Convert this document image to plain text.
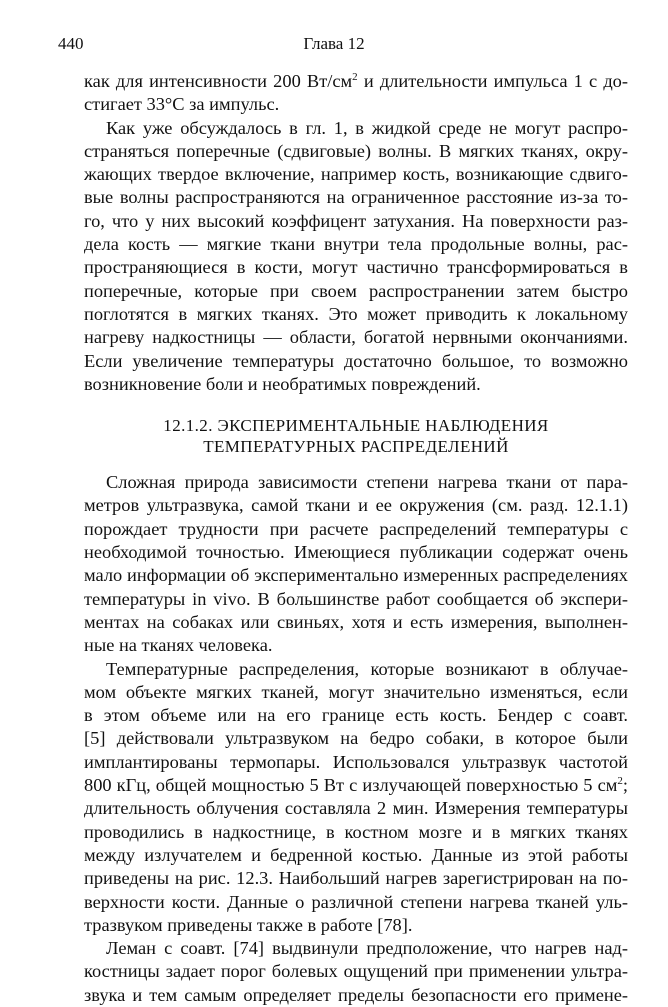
440	Глава 12
как для интенсивности 200 $Вт/см^2$ и длительности импульса 1 с до-
стигает 33°С за импульс.
Как уже обсуждалось в гл. 1, в жидкой среде не могут распро-
страняться поперечные (сдвиговые) волны. В мягких тканях, окру-
жающих твердое включение, например кость, возникающие сдвиго-
вые волны распространяются на ограниченное расстояние из-за то-
го, что у них высокий коэффицент затухания. На поверхности раз-
дела кость — мягкие ткани внутри тела продольные волны, рас-
пространяющиеся в кости, могут частично трансформироваться в
поперечные, которые при своем распространении затем быстро
поглотятся в мягких тканях. Это может приводить к локальному
нагреву надкостницы — области, богатой нервными окончаниями.
Если увеличение температуры достаточно большое, то возможно
возникновение боли и необратимых повреждений.
12.1.2. ЭКСПЕРИМЕНТАЛЬНЫЕ НАБЛЮДЕНИЯ
ТЕМПЕРАТУРНЫХ РАСПРЕДЕЛЕНИЙ
Сложная природа зависимости степени нагрева ткани от пара-
метров ультразвука, самой ткани и ее окружения (см. разд. 12.1.1)
порождает трудности при расчете распределений температуры с
необходимой точностью. Имеющиеся публикации содержат очень
мало информации об экспериментально измеренных распределениях
температуры in vivo. В большинстве работ сообщается об экспери-
ментах на собаках или свиньях, хотя и есть измерения, выполнен-
ные на тканях человека.
Температурные распределения, которые возникают в облучае-
мом объекте мягких тканей, могут значительно изменяться, если
в этом объеме или на его границе есть кость. Бендер с соавт.
[5] действовали ультразвуком на бедро собаки, в которое были
имплантированы термопары. Использовался ультразвук частотой
800 кГц, общей мощностью 5 Вт с излучающей поверхностью 5 $см^2$;
длительность облучения составляла 2 мин. Измерения температуры
проводились в надкостнице, в костном мозге и в мягких тканях
между излучателем и бедренной костью. Данные из этой работы
приведены на рис. 12.3. Наибольший нагрев зарегистрирован на по-
верхности кости. Данные о различной степени нагрева тканей уль-
тразвуком приведены также в работе [78].
Леман с соавт. [74] выдвинули предположение, что нагрев над-
костницы задает порог болевых ощущений при применении ультра-
звука и тем самым определяет пределы безопасности его примене-
